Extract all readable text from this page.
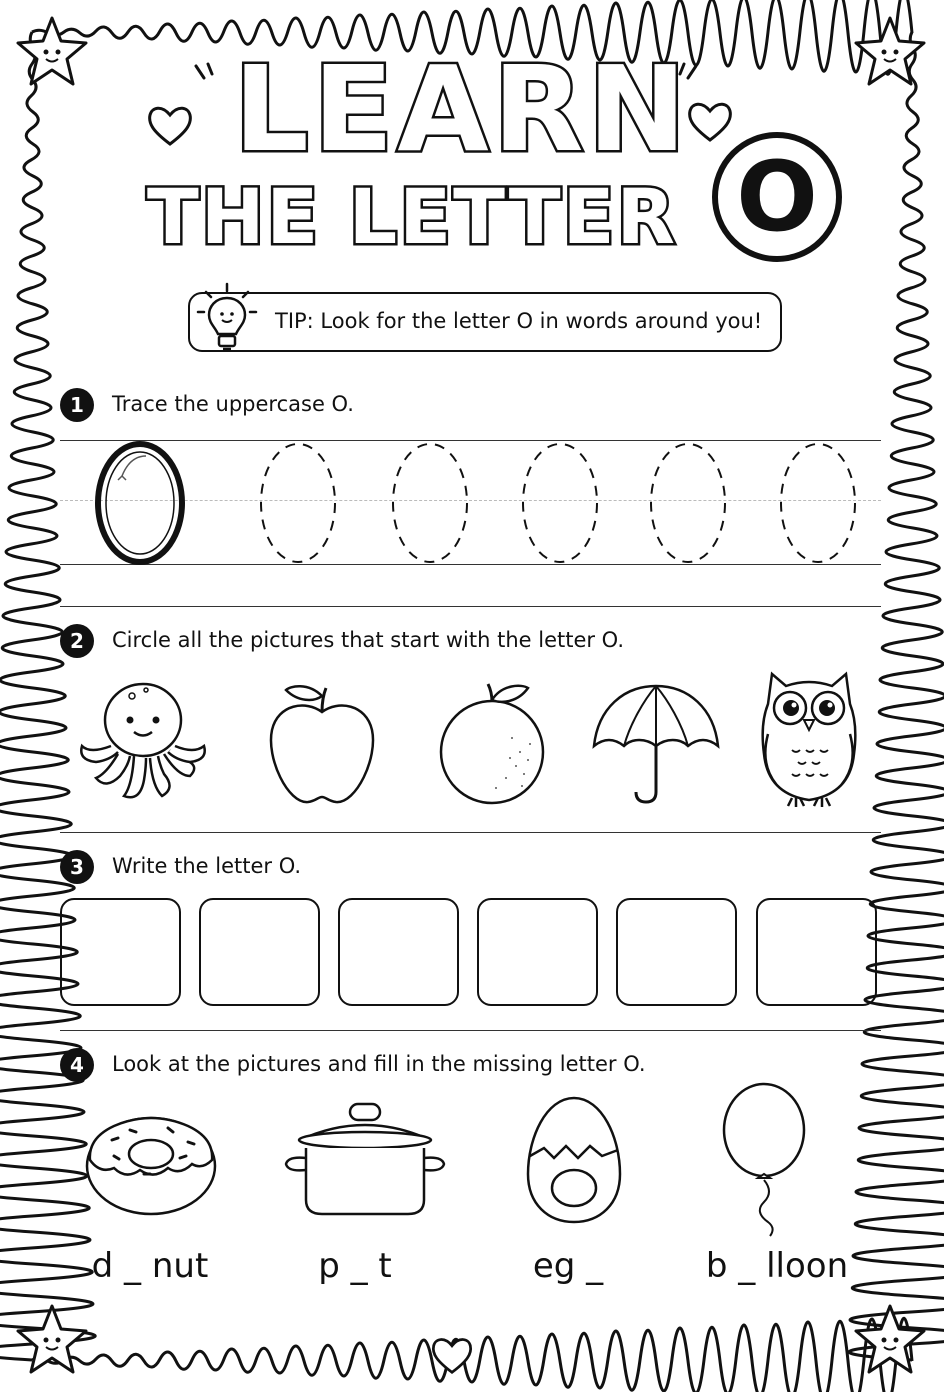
LEARN
THE LETTER O
TIP: Look for the letter O in words around you!
1	Trace the uppercase O.
2	Circle all the pictures that start with the letter O.
3	Write the letter O.
4	Look at the pictures and fill in the missing letter O.
d _ nut	p _ t	eg _	b _ lloon
